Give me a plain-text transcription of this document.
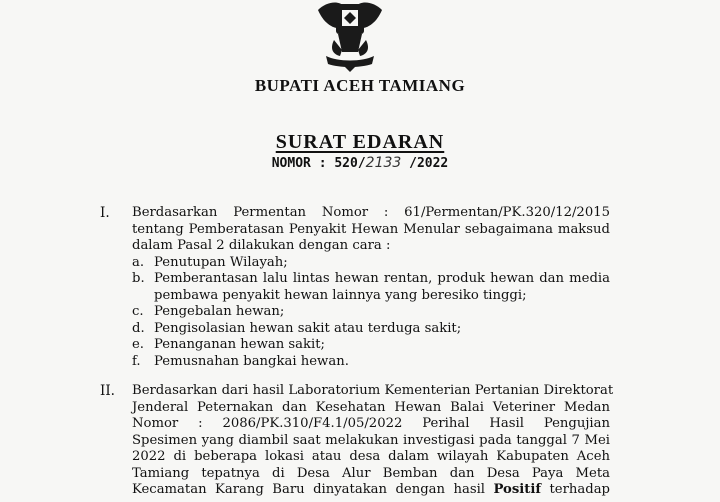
BUPATI ACEH TAMIANG
SURAT EDARAN
NOMOR : 520/2133 /2022
I. Berdasarkan Permentan Nomor : 61/Permentan/PK.320/12/2015
tentang Pemberatasan Penyakit Hewan Menular sebagaimana maksud
dalam Pasal 2 dilakukan dengan cara :
a. Penutupan Wilayah;
b. Pemberantasan lalu lintas hewan rentan, produk hewan dan media
pembawa penyakit hewan lainnya yang beresiko tinggi;
c. Pengebalan hewan;
d. Pengisolasian hewan sakit atau terduga sakit;
e. Penanganan hewan sakit;
f. Pemusnahan bangkai hewan.
II. Berdasarkan dari hasil Laboratorium Kementerian Pertanian Direktorat
Jenderal Peternakan dan Kesehatan Hewan Balai Veteriner Medan
Nomor : 2086/PK.310/F4.1/05/2022 Perihal Hasil Pengujian
Spesimen yang diambil saat melakukan investigasi pada tanggal 7 Mei
2022 di beberapa lokasi atau desa dalam wilayah Kabupaten Aceh
Tamiang tepatnya di Desa Alur Bemban dan Desa Paya Meta
Kecamatan Karang Baru dinyatakan dengan hasil Positif terhadap
